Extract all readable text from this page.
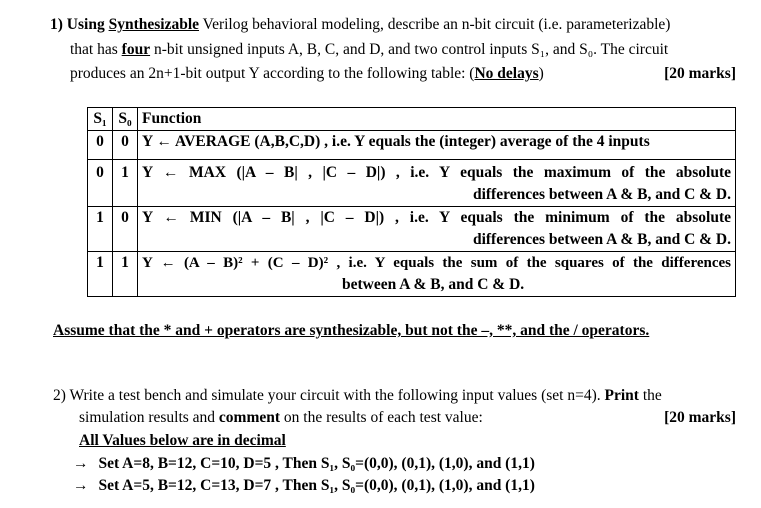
1) Using Synthesizable Verilog behavioral modeling, describe an n-bit circuit (i.e. parameterizable)
that has four n-bit unsigned inputs A, B, C, and D, and two control inputs S₁, and S₀. The circuit
produces an 2n+1-bit output Y according to the following table: (No delays)	[20 marks]
S₁	S₀	Function
0	0	Y ← AVERAGE (A,B,C,D) , i.e. Y equals the (integer) average of the 4 inputs

0	1	Y ← MAX (|A – B| , |C – D|) , i.e. Y equals the maximum of the absolute
differences between A & B, and C & D.

1	0	Y ← MIN (|A – B| , |C – D|) , i.e. Y equals the minimum of the absolute
differences between A & B, and C & D.

1	1	Y ← (A – B)² + (C – D)² , i.e. Y equals the sum of the squares of the differences
between A & B, and C & D.
Assume that the * and + operators are synthesizable, but not the –, **, and the / operators.
2) Write a test bench and simulate your circuit with the following input values (set n=4). Print the
simulation results and comment on the results of each test value:	[20 marks]
All Values below are in decimal
→ Set A=8, B=12, C=10, D=5 , Then S₁, S₀=(0,0), (0,1), (1,0), and (1,1)
→ Set A=5, B=12, C=13, D=7 , Then S₁, S₀=(0,0), (0,1), (1,0), and (1,1)
